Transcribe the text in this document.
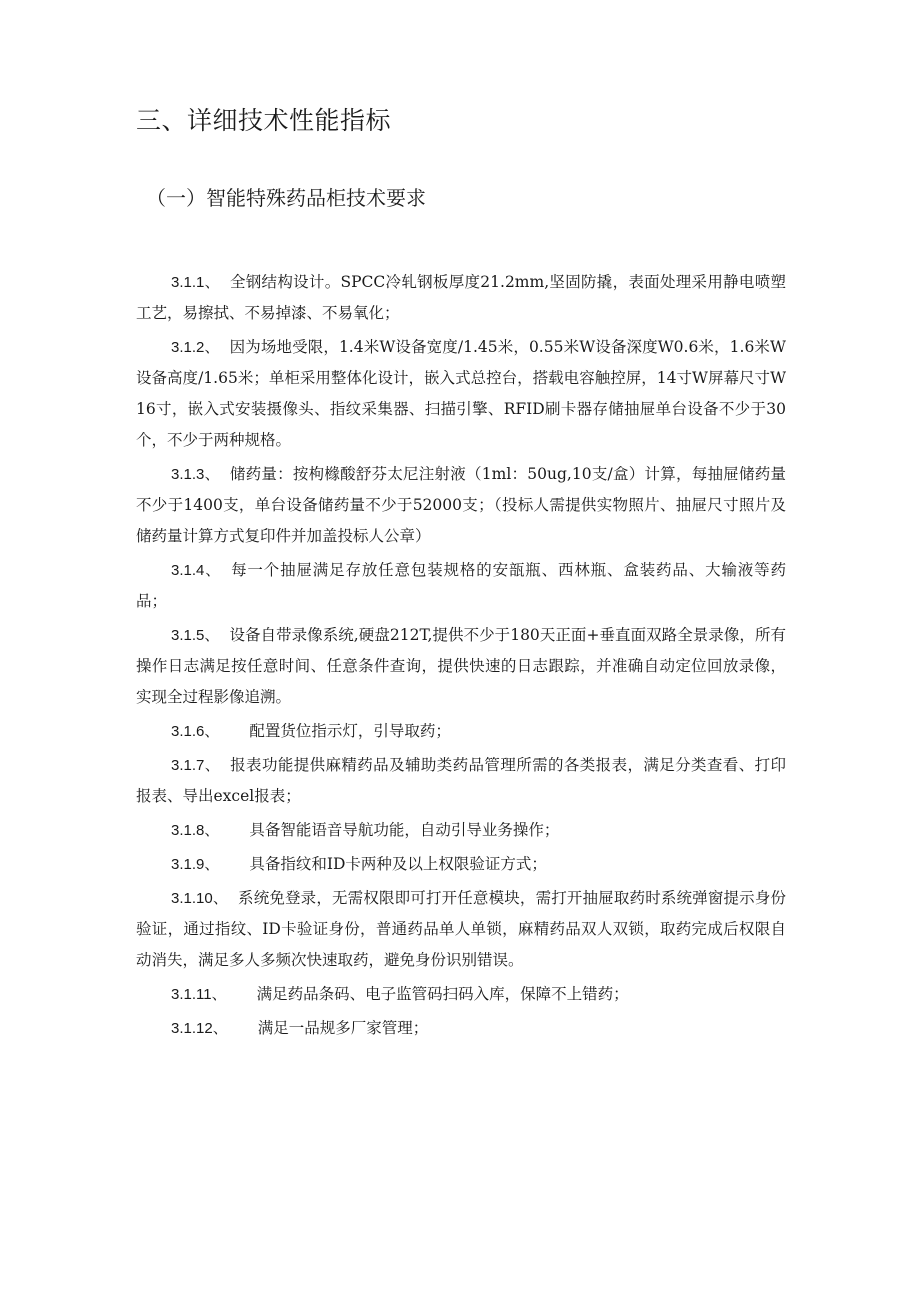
三、详细技术性能指标
（一）智能特殊药品柜技术要求

3.1.1、 全钢结构设计。SPCC冷轧钢板厚度21.2mm,坚固防撬，表面处理采用静电喷塑工艺，易擦拭、不易掉漆、不易氧化；

3.1.2、 因为场地受限，1.4米W设备宽度/1.45米，0.55米W设备深度W0.6米，1.6米W设备高度/1.65米；单柜采用整体化设计，嵌入式总控台，搭载电容触控屏，14寸W屏幕尺寸W16寸，嵌入式安装摄像头、指纹采集器、扫描引擎、RFID刷卡器存储抽屉单台设备不少于30个，不少于两种规格。

3.1.3、 储药量：按枸橼酸舒芬太尼注射液（1ml：50ug,10支/盒）计算，每抽屉储药量不少于1400支，单台设备储药量不少于52000支；（投标人需提供实物照片、抽屉尺寸照片及储药量计算方式复印件并加盖投标人公章）

3.1.4、 每一个抽屉满足存放任意包装规格的安瓿瓶、西林瓶、盒装药品、大输液等药品；

3.1.5、 设备自带录像系统,硬盘212T,提供不少于180天正面+垂直面双路全景录像，所有操作日志满足按任意时间、任意条件查询，提供快速的日志跟踪，并准确自动定位回放录像，实现全过程影像追溯。

3.1.6、 配置货位指示灯，引导取药；

3.1.7、 报表功能提供麻精药品及辅助类药品管理所需的各类报表，满足分类查看、打印报表、导出excel报表；

3.1.8、 具备智能语音导航功能，自动引导业务操作；

3.1.9、 具备指纹和ID卡两种及以上权限验证方式；

3.1.10、 系统免登录，无需权限即可打开任意模块，需打开抽屉取药时系统弹窗提示身份验证，通过指纹、ID卡验证身份，普通药品单人单锁，麻精药品双人双锁，取药完成后权限自动消失，满足多人多频次快速取药，避免身份识别错误。

3.1.11、 满足药品条码、电子监管码扫码入库，保障不上错药；

3.1.12、 满足一品规多厂家管理；
